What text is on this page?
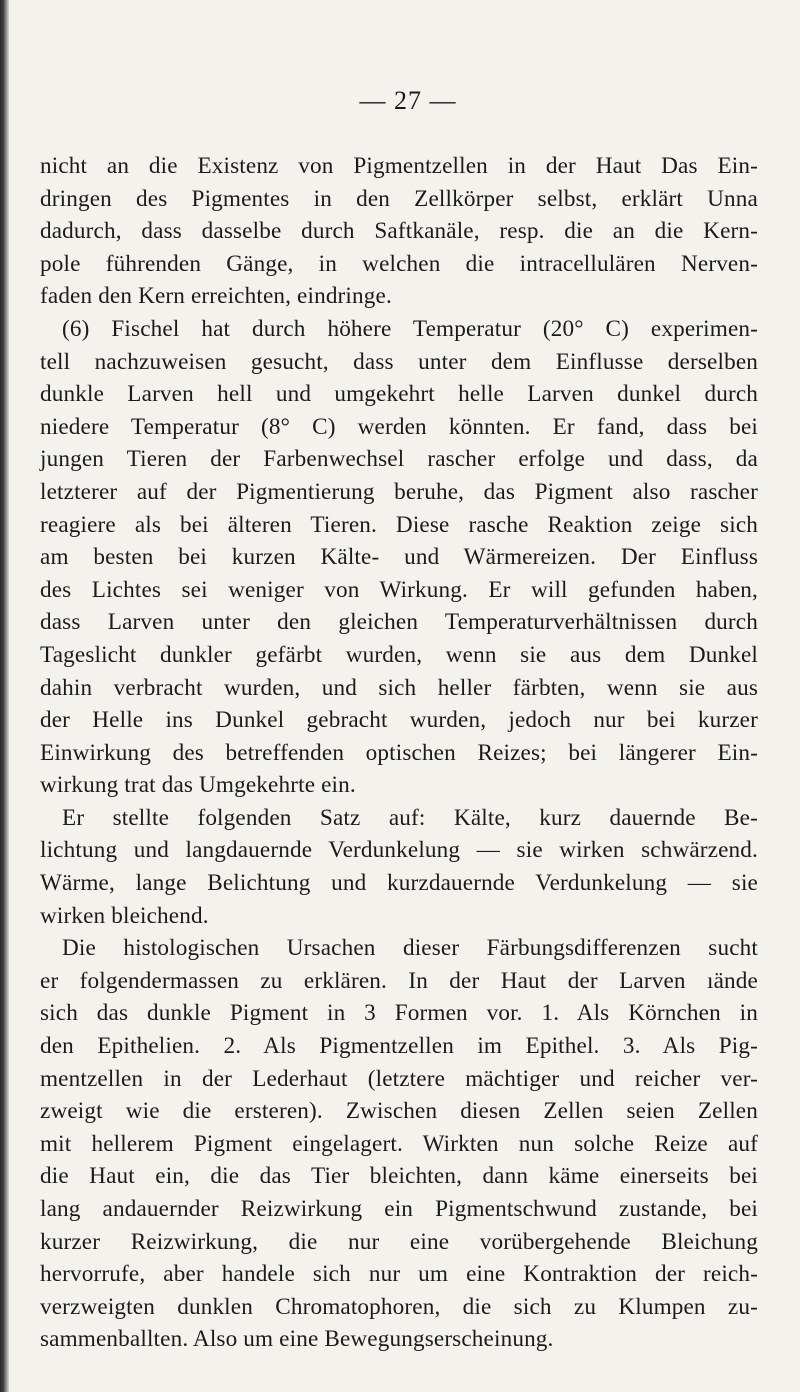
— 27 —
nicht an die Existenz von Pigmentzellen in der Haut Das Ein-
dringen des Pigmentes in den Zellkörper selbst, erklärt Unna
dadurch, dass dasselbe durch Saftkanäle, resp. die an die Kern-
pole führenden Gänge, in welchen die intracellulären Nerven-
faden den Kern erreichten, eindringe.
(6) Fischel hat durch höhere Temperatur (20° C) experimen-
tell nachzuweisen gesucht, dass unter dem Einflusse derselben
dunkle Larven hell und umgekehrt helle Larven dunkel durch
niedere Temperatur (8° C) werden könnten. Er fand, dass bei
jungen Tieren der Farbenwechsel rascher erfolge und dass, da
letzterer auf der Pigmentierung beruhe, das Pigment also rascher
reagiere als bei älteren Tieren. Diese rasche Reaktion zeige sich
am besten bei kurzen Kälte- und Wärmereizen. Der Einfluss
des Lichtes sei weniger von Wirkung. Er will gefunden haben,
dass Larven unter den gleichen Temperaturverhältnissen durch
Tageslicht dunkler gefärbt wurden, wenn sie aus dem Dunkel
dahin verbracht wurden, und sich heller färbten, wenn sie aus
der Helle ins Dunkel gebracht wurden, jedoch nur bei kurzer
Einwirkung des betreffenden optischen Reizes; bei längerer Ein-
wirkung trat das Umgekehrte ein.
Er stellte folgenden Satz auf: Kälte, kurz dauernde Be-
lichtung und langdauernde Verdunkelung — sie wirken schwärzend.
Wärme, lange Belichtung und kurzdauernde Verdunkelung — sie
wirken bleichend.
Die histologischen Ursachen dieser Färbungsdifferenzen sucht
er folgendermassen zu erklären. In der Haut der Larven ıände
sich das dunkle Pigment in 3 Formen vor. 1. Als Körnchen in
den Epithelien. 2. Als Pigmentzellen im Epithel. 3. Als Pig-
mentzellen in der Lederhaut (letztere mächtiger und reicher ver-
zweigt wie die ersteren). Zwischen diesen Zellen seien Zellen
mit hellerem Pigment eingelagert. Wirkten nun solche Reize auf
die Haut ein, die das Tier bleichten, dann käme einerseits bei
lang andauernder Reizwirkung ein Pigmentschwund zustande, bei
kurzer Reizwirkung, die nur eine vorübergehende Bleichung
hervorrufe, aber handele sich nur um eine Kontraktion der reich-
verzweigten dunklen Chromatophoren, die sich zu Klumpen zu-
sammenballten. Also um eine Bewegungserscheinung.
